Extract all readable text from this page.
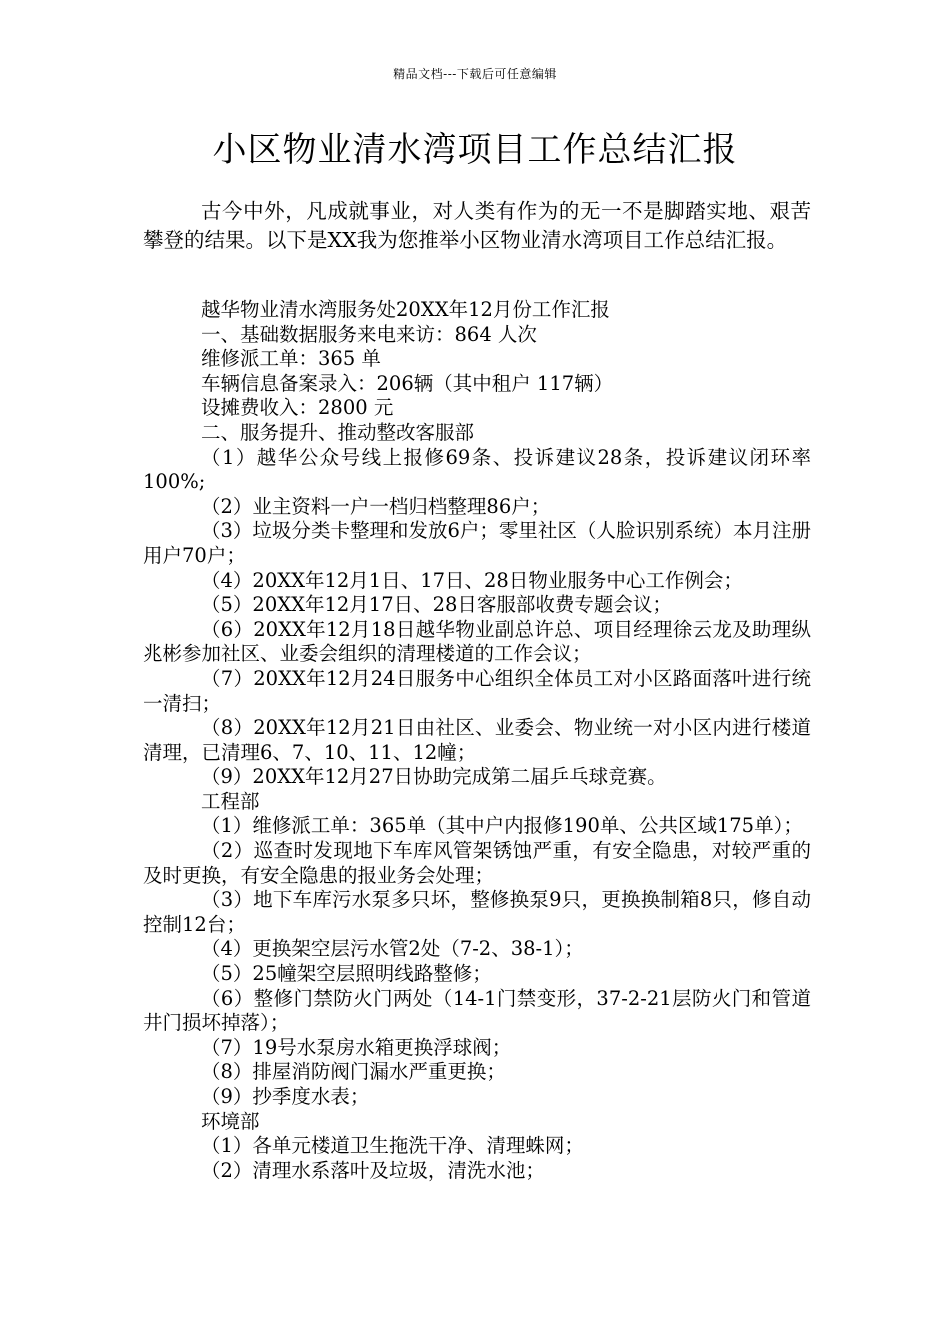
精品文档---下载后可任意编辑
小区物业清水湾项目工作总结汇报

古今中外，凡成就事业，对人类有作为的无一不是脚踏实地、艰苦攀登的结果。以下是XX我为您推举小区物业清水湾项目工作总结汇报。

越华物业清水湾服务处20XX年12月份工作汇报

一、基础数据服务来电来访：864 人次

维修派工单：365 单

车辆信息备案录入：206辆（其中租户 117辆）

设摊费收入：2800 元

二、服务提升、推动整改客服部

（1）越华公众号线上报修69条、投诉建议28条，投诉建议闭环率100%;

（2）业主资料一户一档归档整理86户；

（3）垃圾分类卡整理和发放6户；零里社区（人脸识别系统）本月注册用户70户；

（4）20XX年12月1日、17日、28日物业服务中心工作例会；

（5）20XX年12月17日、28日客服部收费专题会议；

（6）20XX年12月18日越华物业副总许总、项目经理徐云龙及助理纵兆彬参加社区、业委会组织的清理楼道的工作会议；

（7）20XX年12月24日服务中心组织全体员工对小区路面落叶进行统一清扫；

（8）20XX年12月21日由社区、业委会、物业统一对小区内进行楼道清理，已清理6、7、10、11、12幢；

（9）20XX年12月27日协助完成第二届乒乓球竞赛。

工程部

（1）维修派工单：365单（其中户内报修190单、公共区域175单）；

（2）巡查时发现地下车库风管架锈蚀严重，有安全隐患，对较严重的及时更换，有安全隐患的报业务会处理；

（3）地下车库污水泵多只坏，整修换泵9只，更换换制箱8只，修自动控制12台；

（4）更换架空层污水管2处（7-2、38-1）；

（5）25幢架空层照明线路整修；

（6）整修门禁防火门两处（14-1门禁变形，37-2-21层防火门和管道井门损坏掉落）；

（7）19号水泵房水箱更换浮球阀；

（8）排屋消防阀门漏水严重更换；

（9）抄季度水表；

环境部

（1）各单元楼道卫生拖洗干净、清理蛛网；

（2）清理水系落叶及垃圾，清洗水池；
